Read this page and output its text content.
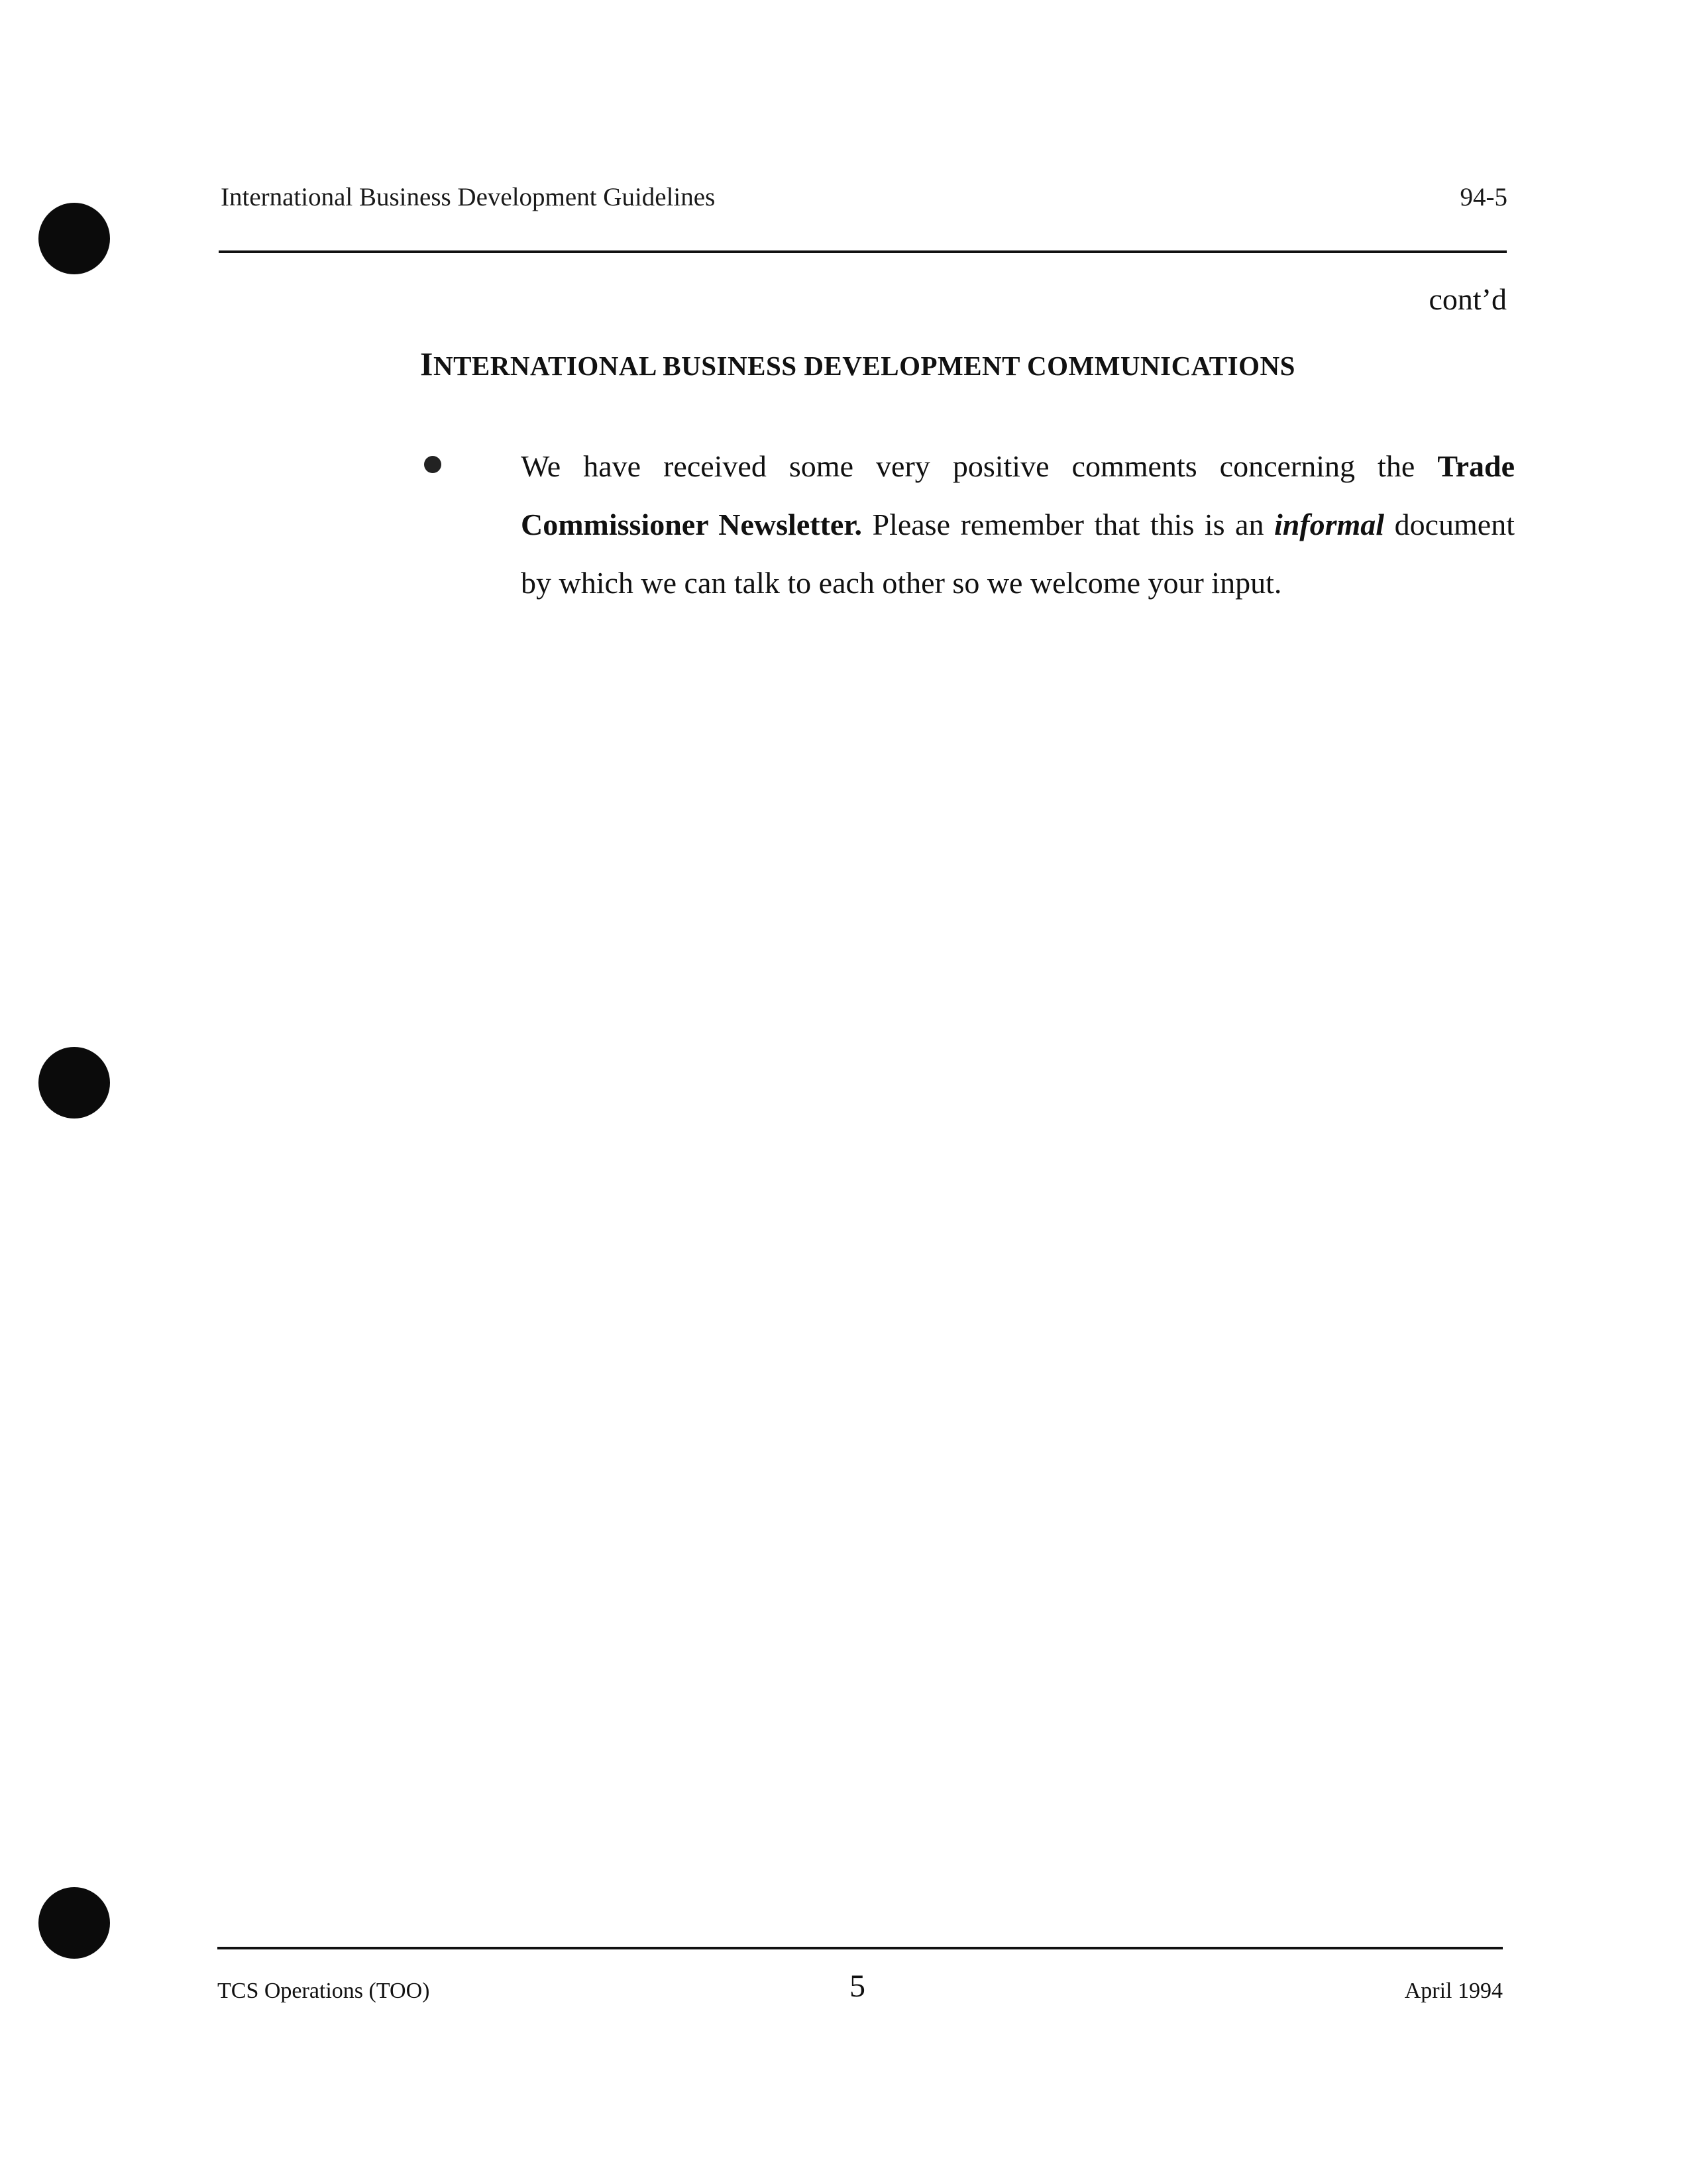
International Business Development Guidelines	94-5
cont’d
INTERNATIONAL BUSINESS DEVELOPMENT COMMUNICATIONS
We have received some very positive comments concerning the Trade Commissioner Newsletter. Please remember that this is an informal document by which we can talk to each other so we welcome your input.
TCS Operations (TOO)	5	April 1994
